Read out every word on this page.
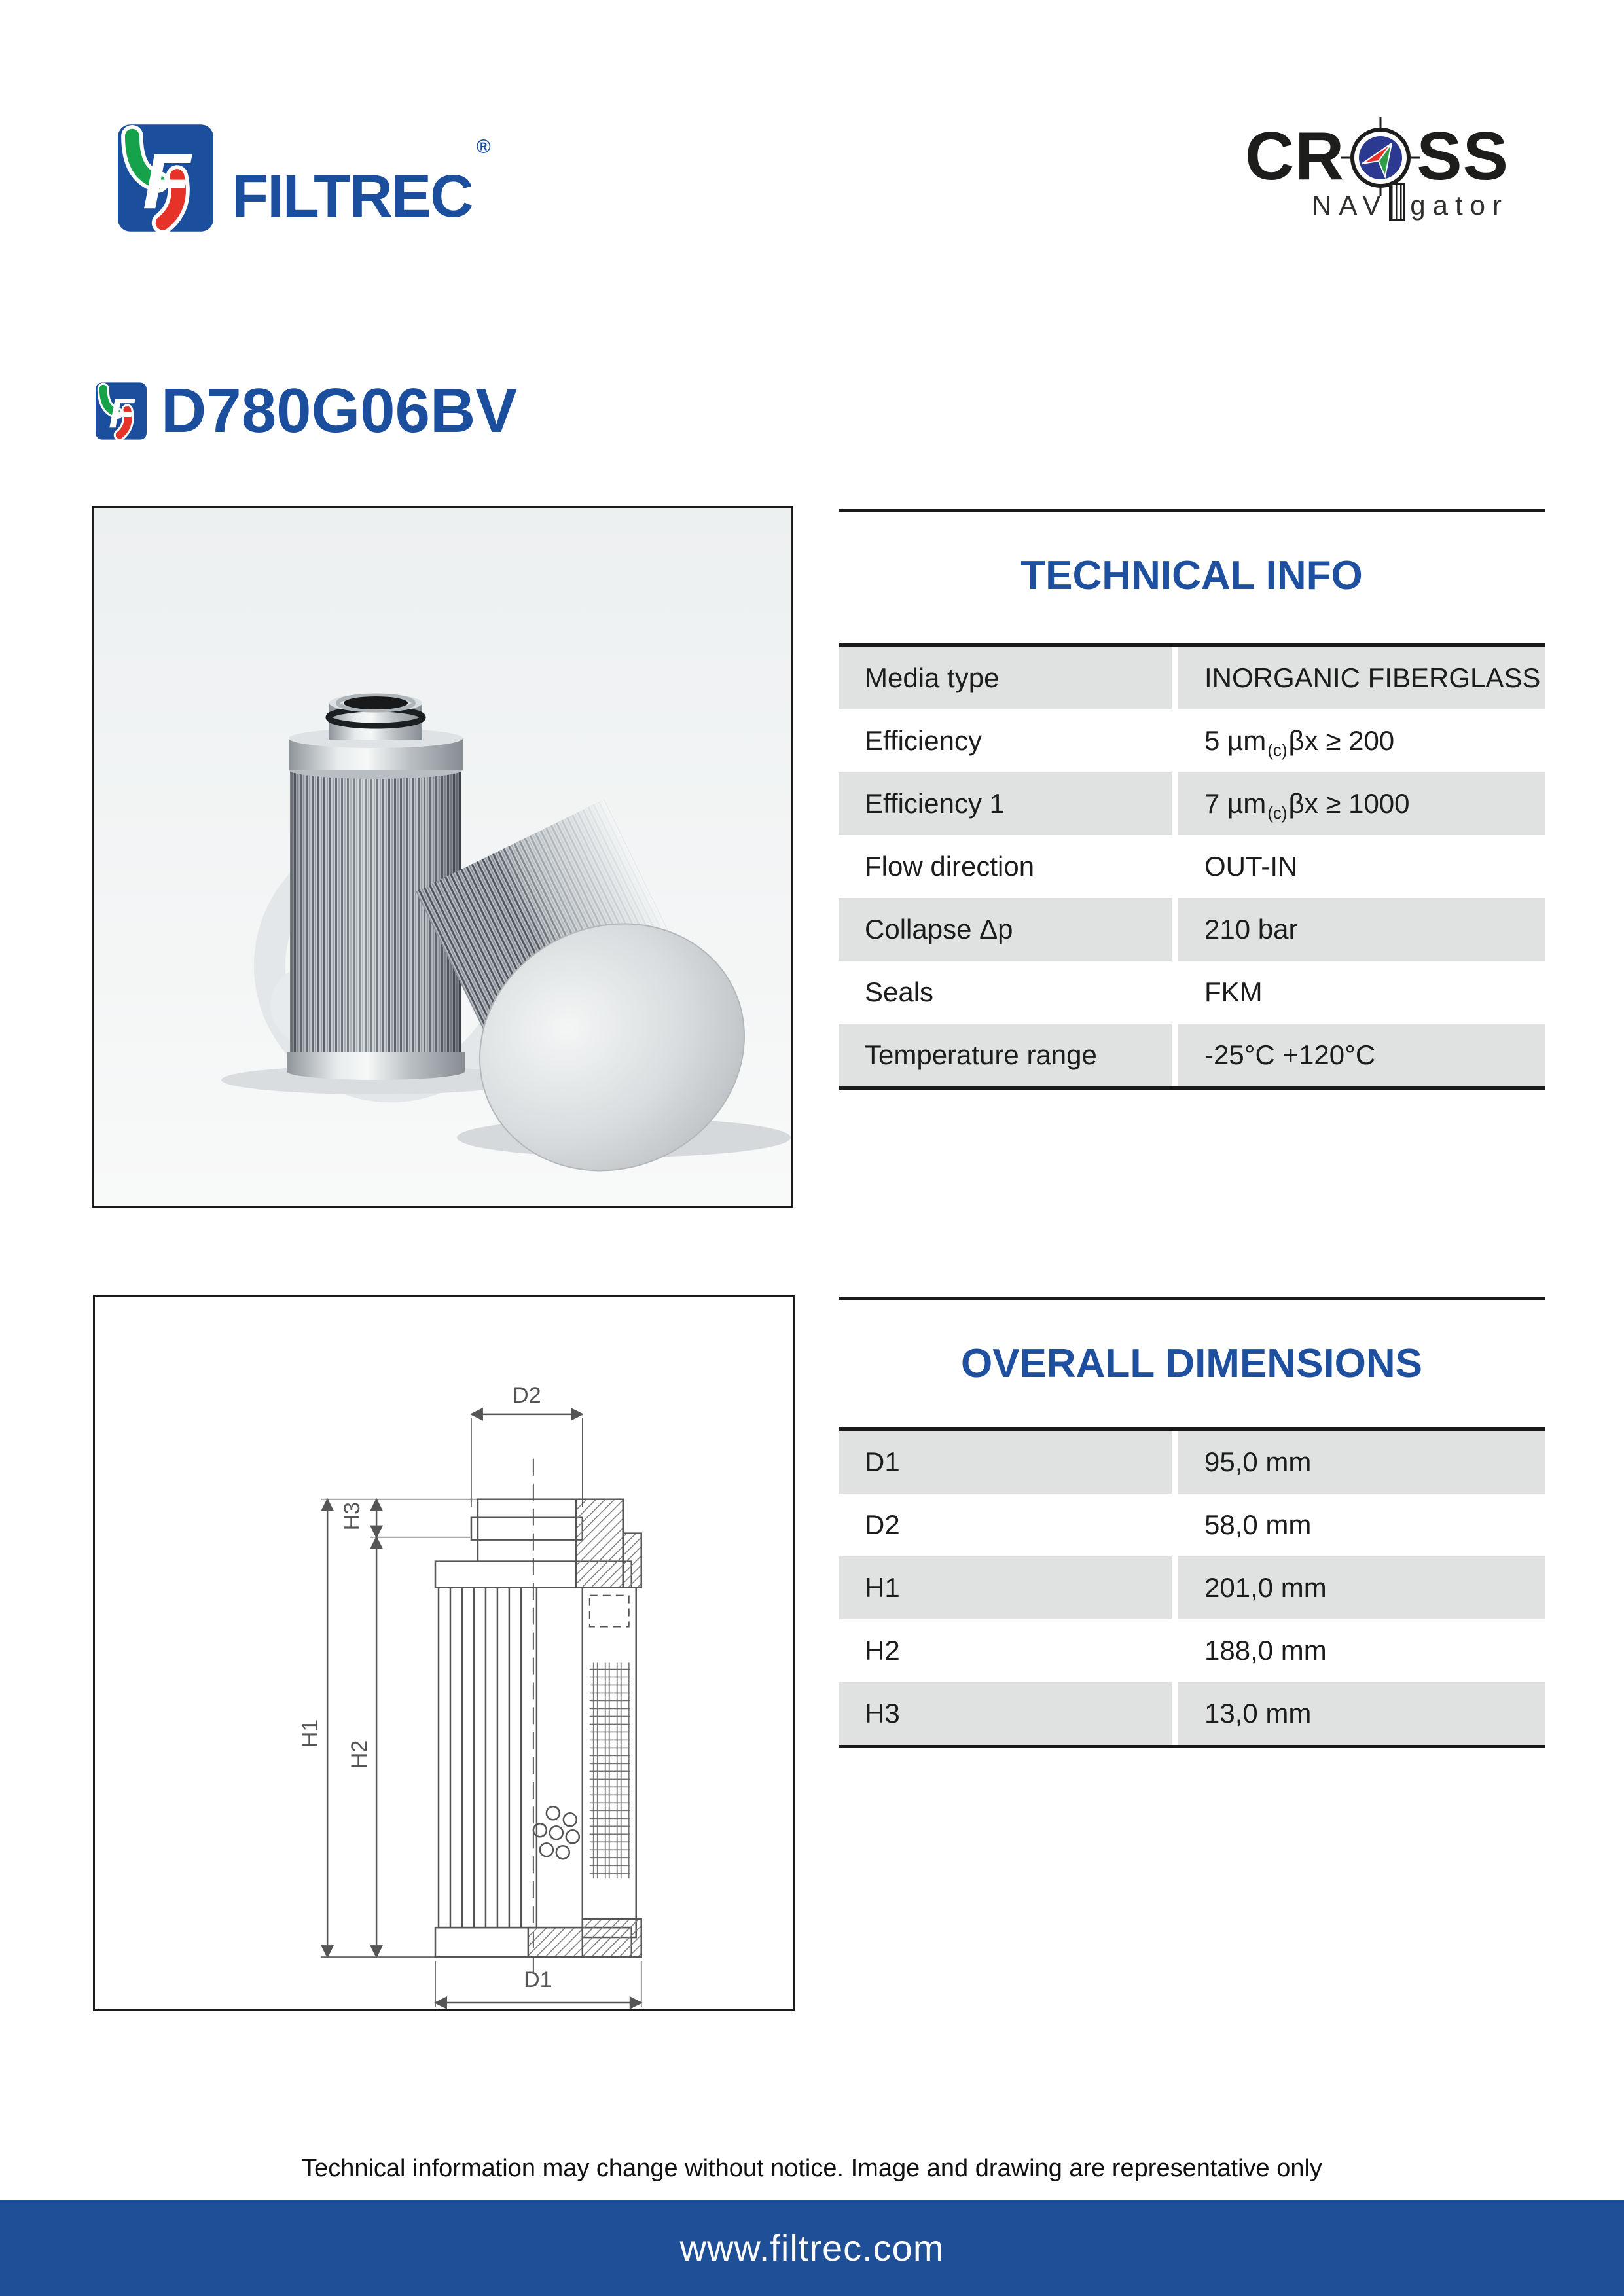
FILTREC®	CR SS
NAV gator
D780G06BV
TECHNICAL INFO
Media type	INORGANIC FIBERGLASS
Efficiency	5 µm$_{(c)}$ βx ≥ 200
Efficiency 1	7 µm$_{(c)}$ βx ≥ 1000
Flow direction	OUT-IN
Collapse Δp	210 bar
Seals	FKM
Temperature range	-25°C +120°C
D2
D1
H1
H2
H3
OVERALL DIMENSIONS
D1	95,0 mm
D2	58,0 mm
H1	201,0 mm
H2	188,0 mm
H3	13,0 mm
Technical information may change without notice. Image and drawing are representative only
www.filtrec.com
